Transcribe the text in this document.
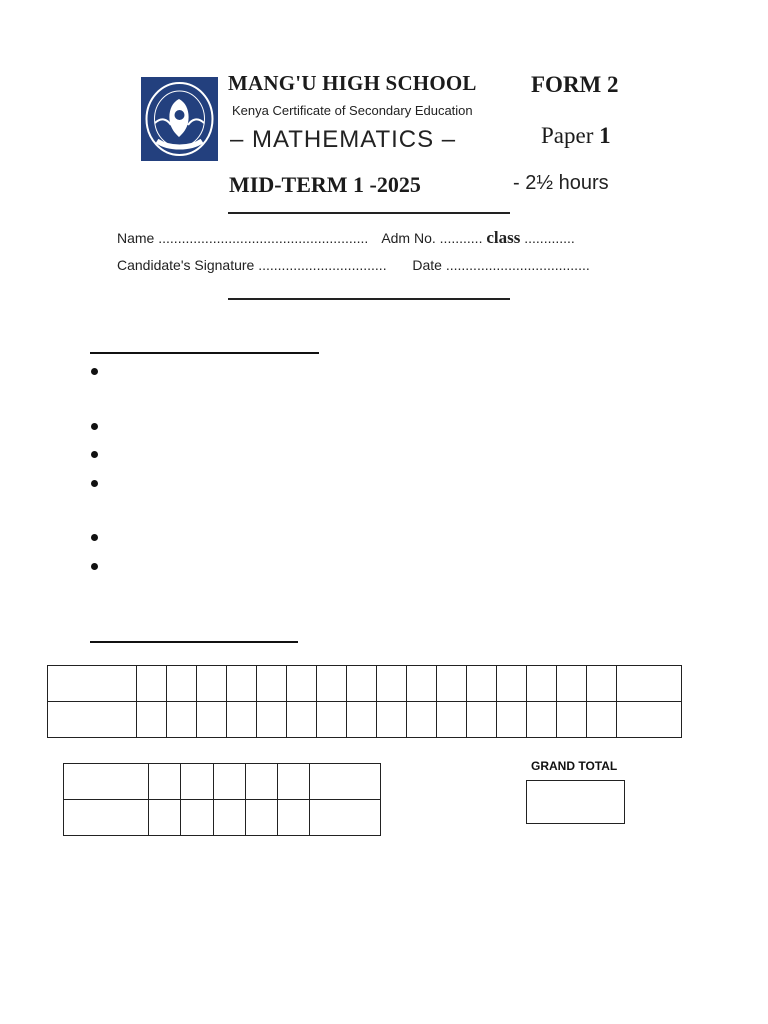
MANG'U HIGH SCHOOL
Kenya Certificate of Secondary Education
– MATHEMATICS –
FORM 2
Paper 1
MID-TERM 1 -2025	- 2½ hours
Name ...................................................... Adm No. ........... class .............
Candidate's Signature ................................. Date .....................................

GRAND TOTAL
